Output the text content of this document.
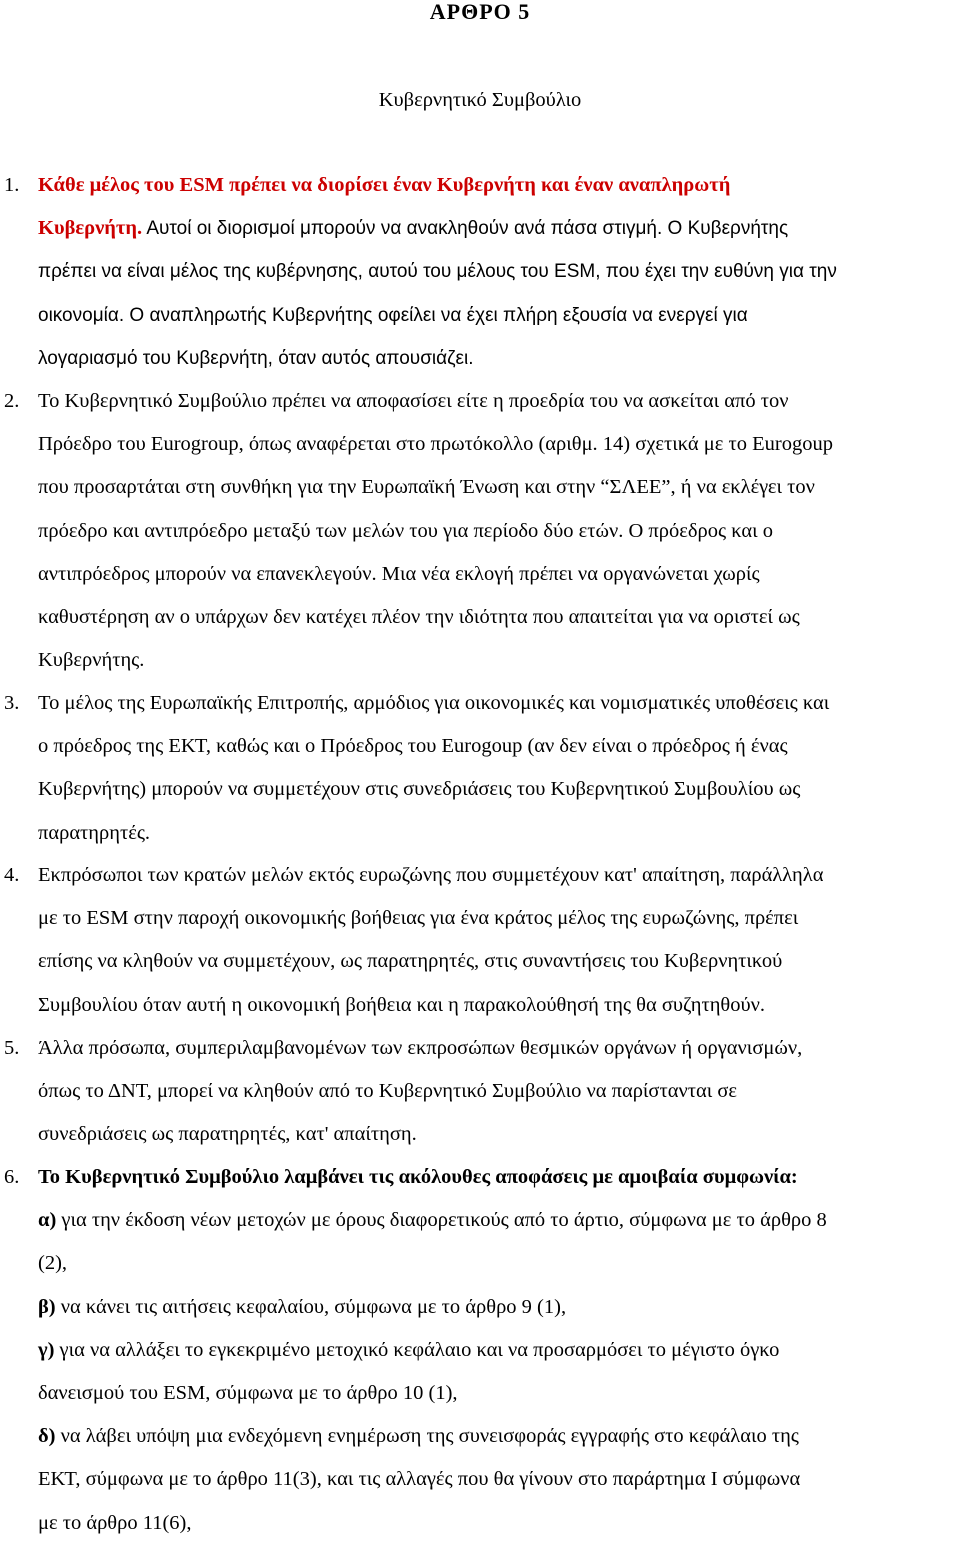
ΑΡΘΡΟ 5
Κυβερνητικό Συμβούλιο
1. Κάθε μέλος του ESM πρέπει να διορίσει έναν Κυβερνήτη και έναν αναπληρωτή
Κυβερνήτη. Αυτοί οι διορισμοί μπορούν να ανακληθούν ανά πάσα στιγμή. Ο Κυβερνήτης
πρέπει να είναι μέλος της κυβέρνησης, αυτού του μέλους του ESM, που έχει την ευθύνη για την
οικονομία. Ο αναπληρωτής Κυβερνήτης οφείλει να έχει πλήρη εξουσία να ενεργεί για
λογαριασμό του Κυβερνήτη, όταν αυτός απουσιάζει.
2. Το Κυβερνητικό Συμβούλιο πρέπει να αποφασίσει είτε η προεδρία του να ασκείται από τον
Πρόεδρο του Eurogroup, όπως αναφέρεται στο πρωτόκολλο (αριθμ. 14) σχετικά με το Eurogoup
που προσαρτάται στη συνθήκη για την Ευρωπαϊκή Ένωση και στην “ΣΛΕΕ”, ή να εκλέγει τον
πρόεδρο και αντιπρόεδρο μεταξύ των μελών του για περίοδο δύο ετών. Ο πρόεδρος και ο
αντιπρόεδρος μπορούν να επανεκλεγούν. Μια νέα εκλογή πρέπει να οργανώνεται χωρίς
καθυστέρηση αν ο υπάρχων δεν κατέχει πλέον την ιδιότητα που απαιτείται για να οριστεί ως
Κυβερνήτης.
3. Το μέλος της Ευρωπαϊκής Επιτροπής, αρμόδιος για οικονομικές και νομισματικές υποθέσεις και
ο πρόεδρος της ΕΚΤ, καθώς και ο Πρόεδρος του Eurogoup (αν δεν είναι ο πρόεδρος ή ένας
Κυβερνήτης) μπορούν να συμμετέχουν στις συνεδριάσεις του Κυβερνητικού Συμβουλίου ως
παρατηρητές.
4. Εκπρόσωποι των κρατών μελών εκτός ευρωζώνης που συμμετέχουν κατ' απαίτηση, παράλληλα
με το ESM στην παροχή οικονομικής βοήθειας για ένα κράτος μέλος της ευρωζώνης, πρέπει
επίσης να κληθούν να συμμετέχουν, ως παρατηρητές, στις συναντήσεις του Κυβερνητικού
Συμβουλίου όταν αυτή η οικονομική βοήθεια και η παρακολούθησή της θα συζητηθούν.
5. Άλλα πρόσωπα, συμπεριλαμβανομένων των εκπροσώπων θεσμικών οργάνων ή οργανισμών,
όπως το ΔΝΤ, μπορεί να κληθούν από το Κυβερνητικό Συμβούλιο να παρίστανται σε
συνεδριάσεις ως παρατηρητές, κατ' απαίτηση.
6. Το Κυβερνητικό Συμβούλιο λαμβάνει τις ακόλουθες αποφάσεις με αμοιβαία συμφωνία:
α) για την έκδοση νέων μετοχών με όρους διαφορετικούς από το άρτιο, σύμφωνα με το άρθρο 8
(2),
β) να κάνει τις αιτήσεις κεφαλαίου, σύμφωνα με το άρθρο 9 (1),
γ) για να αλλάξει το εγκεκριμένο μετοχικό κεφάλαιο και να προσαρμόσει το μέγιστο όγκο
δανεισμού του ESM, σύμφωνα με το άρθρο 10 (1),
δ) να λάβει υπόψη μια ενδεχόμενη ενημέρωση της συνεισφοράς εγγραφής στο κεφάλαιο της
ΕΚΤ, σύμφωνα με το άρθρο 11(3), και τις αλλαγές που θα γίνουν στο παράρτημα Ι σύμφωνα
με το άρθρο 11(6),
